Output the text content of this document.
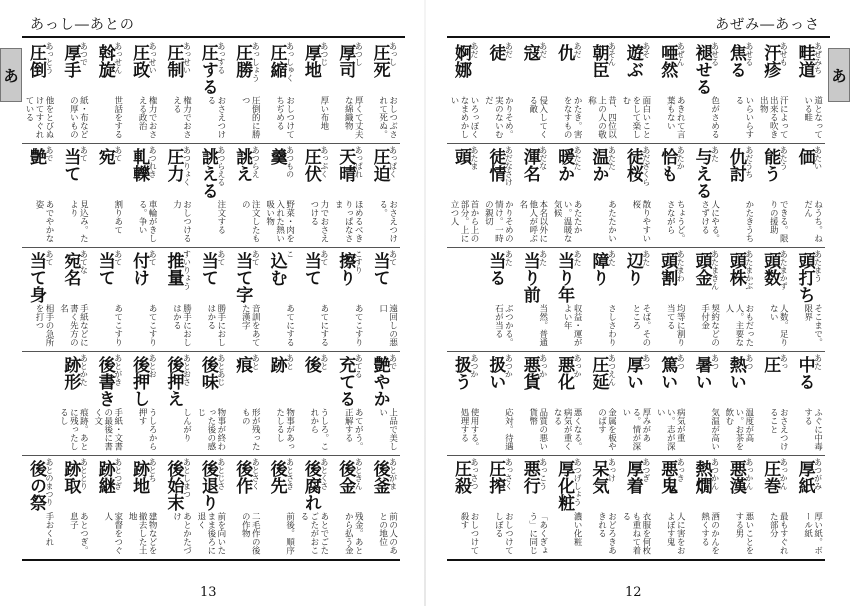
あっし―あとの
あ
あっし
圧死
おしつぶされて死ぬ。
あつし
厚司
厚くて丈夫な綿織物
あつじ
厚地
厚い布地
あっしゅく
圧縮
おしつけてちぢめる
あっしょう
圧勝
圧倒的に勝つ
あっする
圧する
おさえつける
あっせい
圧制
権力でおさえる
あっせい
圧政
権力でおさえる政治
あっせん
斡旋
世話をする
あつで
厚手
紙・布などの厚いもの
あっとう
圧倒
他をとびぬけてすぐれている
あっぱく
圧迫
おさえつける。
あっぱれ
天晴
ほめるべきりっぱなさま
あっぷく
圧伏
力でおさえつける
あつもの
羹
野菜・肉を入れた熱い吸い物
あつらえ
誂え
注文したもの
あつらえる
誂える
注文する
あつりょく
圧力
おしつける力
あつれき
軋轢
車輪がきしる。争い
あて
宛
割りあて
あて
当て
見込み。たより
あで
艶
あでやかな姿
あて
当て
遠回しの悪口
こすり
擦り
あてこすり
あて
当て
あてにする
こ
込む
あてにする
あて
当て字
音訓をあてた漢字
あて
当て
勝手におしはかる
すいりょう
推量
勝手におしはかる
あて
付け
あてこすり
あて
当て
あてこすり
あてな
宛名
手紙などに書く先方の名
あて
当て身
相手の急所を打つ
あで
艶やか
上品で美しい
あてる
充てる
あてがう。正解する
あと
後
うしろ。これから
あと
跡
物事があったしるし
あと
痕
形が残ったもの
あとあじ
後味
物事が終わった後の感じ
あとおさ
後押え
しんがり
あとお
後押し
うしろから押す
あとがき
後書き
手紙・文書の最後に書く文
あとかた
跡形
痕跡。あとに残ったしるし
あとがま
後釜
前の人のあとの地位
あときん
後金
残金。あとから払う金
あとくさ
後腐れ
あとでごたごたがおこる
あとさき
後先
前後。順序
あとさく
後作
二毛作の後の作物
あとじさ
後退り
前を向いたまま後ろに退く
あとしまつ
後始末
あとかたづけ
あとち
跡地
建物などを撤去した土地
あとつぎ
跡継
家督をつぐ人
あととり
跡取
あとつぎ。息子
あとのまつり
後の祭
手おくれ
13
あぜみ―あっさ
あ
あぜみち
畦道
道となっている畦
あせも
汗疹
汗によって出来る吹き出物
あせる
焦る
いらいらする
あせる
褪せる
色がさめる
あぜん
唖然
あきれて言葉もない
あそ
遊ぶ
面白いことをして楽しむ
あそん
朝臣
昔、四位以上の人の敬称
あだ
仇
かたき。害をなすもの
あだ
寇
侵入してくる敵
あだ
徒
かりそめ。実のないむだ
あだ
婀娜
いろっぽくなまめかしい
あたい
価
ねうち。ねだん
あたう
能う
できる。限りの援助
あだうち
仇討
かたきうち
あた
与える
人にやる。さずける
あたか
恰も
ちょうど。さながら
あだざくら
徒桜
散りやすい桜
あたた
温か
あたたかい
あたた
暖か
あたたかい。温暖な気候
あだな
渾名
本名以外に他人が呼ぶ名
あだなさけ
徒情
かりそめの情け。一時の親切
あたま
頭
首から上の部分。上に立つ人
あたまう
頭打ち
そこまで。限界
あたまかず
頭数
人数。足りない
あたまかぶ
頭株
おもだった人。主要な人
あたまきん
頭金
契約などの手付金
あたまわ
頭割
均等に割り当てる
あた
辺り
そば。そのところ
あた
障り
さしさわり
あた
当り年
収益・運がよい年
あた
当り前
当然。普通
あた
当る
ぶつかる。石が当る
あた
中る
ふぐに中毒する
あっ
圧
おさえつけること
あつ
熱い
温度が高い。お茶を飲む
あつ
暑い
気温が高い
あつ
篤い
病気が重い。志が深い
あつ
厚い
厚みがある。情が深い
あつえん
圧延
金属を板やのばす
あっか
悪化
悪くなる。病気が重くなる
あっか
悪貨
品質の悪い貨幣
あつか
扱い
応対。待遇
あつか
扱う
使用する。処理する
あつがみ
厚紙
厚い紙。ボール紙
あっかん
圧巻
最もすぐれた部分
あっかん
悪漢
悪いことをする男
あつかん
熱燗
酒のかんを熱くする
あっき
悪鬼
人に害をおよぼす鬼
あつぎ
厚着
衣服を何枚も重ねて着る
あっけ
呆気
おどろきあきれる
あつげしょう
厚化粧
濃い化粧
あっこう
悪行
「あくぎょう」に同じ
あっさく
圧搾
おしつけてしぼる
あっさつ
圧殺
おしつけて殺す
12
